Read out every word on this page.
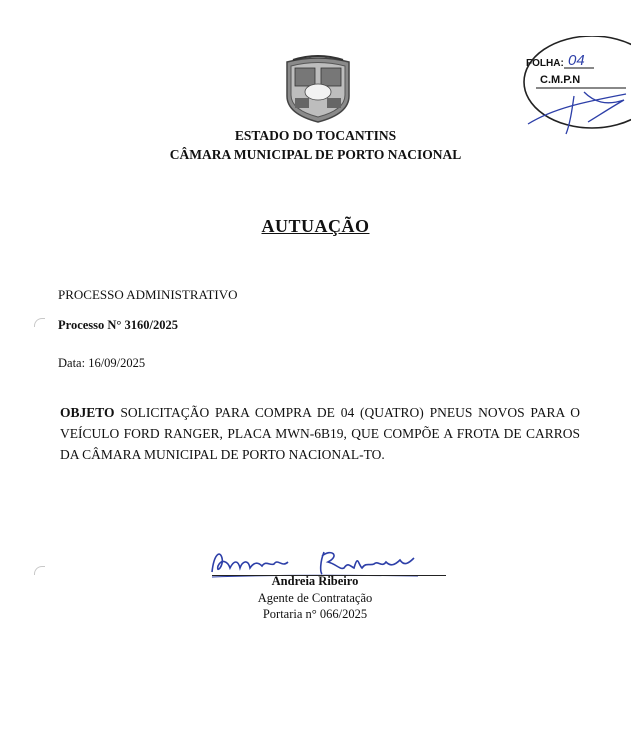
ESTADO DO TOCANTINS
CÂMARA MUNICIPAL DE PORTO NACIONAL
AUTUAÇÃO
PROCESSO ADMINISTRATIVO
Processo N° 3160/2025
Data: 16/09/2025
OBJETO SOLICITAÇÃO PARA COMPRA DE 04 (QUATRO) PNEUS NOVOS PARA O VEÍCULO FORD RANGER, PLACA MWN-6B19, QUE COMPÕE A FROTA DE CARROS DA CÂMARA MUNICIPAL DE PORTO NACIONAL-TO.
Andreia Ribeiro
Agente de Contratação
Portaria n° 066/2025
FOLHA: 04
C.M.P.N
